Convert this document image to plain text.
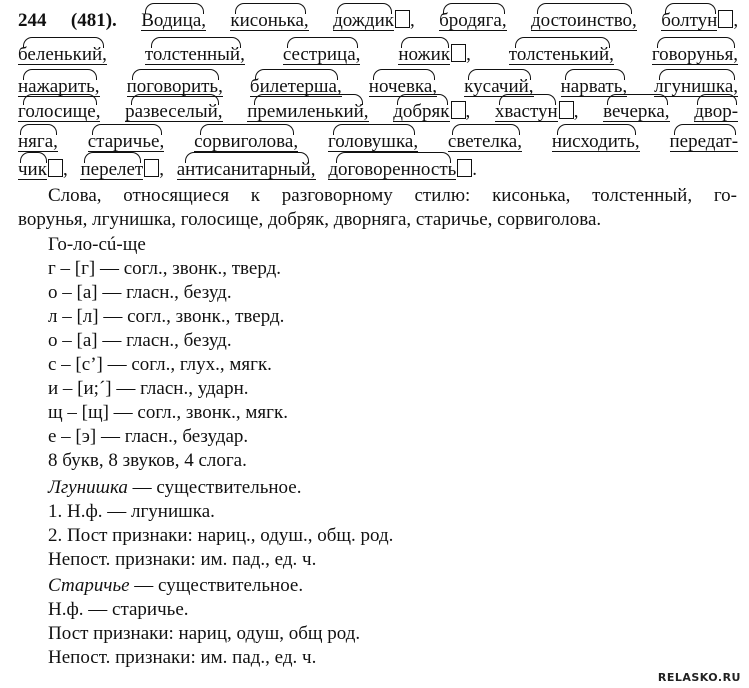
244 (481). Водица, кисонька, дождик , бродяга, достоинство, болтун ,
беленький, толстенный, сестрица, ножик , толстенький, говорунья,
нажарить, поговорить, билетерша, ночевка, кусачий, нарвать, лгунишка,
голосище, развеселый, премиленький, добряк , хвастун , вечерка, двор-
няга, старичье, сорвиголова, головушка, светелка, нисходить, передат-
чик , перелет , антисанитарный, договоренность .
Слова, относящиеся к разговорному стилю: кисонька, толстенный, го-
ворунья, лгунишка, голосище, добряк, дворняга, старичье, сорвиголова.
Го-ло-cú-ще
г – [г] — согл., звонк., тверд.
о – [а] — гласн., безуд.
л – [л] — согл., звонк., тверд.
о – [а] — гласн., безуд.
с – [с’] — согл., глух., мягк.
и – [и;´] — гласн., ударн.
щ – [щ] — согл., звонк., мягк.
е – [э] — гласн., безудар.
8 букв, 8 звуков, 4 слога.
Лгунишка — существительное.
1. Н.ф. — лгунишка.
2. Пост признаки: нариц., одуш., общ. род.
Непост. признаки: им. пад., ед. ч.
Старичье — существительное.
Н.ф. — старичье.
Пост признаки: нариц, одуш, общ род.
Непост. признаки: им. пад., ед. ч.
RELASKO.RU
